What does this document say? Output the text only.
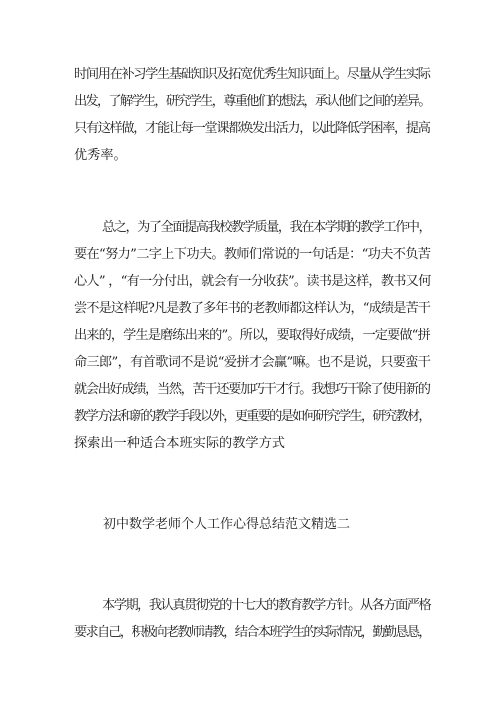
时间用在补习学生基础知识及拓宽优秀生知识面上。尽量从学生实际
出发，了解学生，研究学生，尊重他们的想法，承认他们之间的差异。
只有这样做，才能让每一堂课都焕发出活力，以此降低学困率，提高
优秀率。
总之，为了全面提高我校教学质量，我在本学期的教学工作中，
要在“努力”二字上下功夫。教师们常说的一句话是：“功夫不负苦
心人” ，“有一分付出，就会有一分收获”。读书是这样，教书又何
尝不是这样呢?凡是教了多年书的老教师都这样认为，“成绩是苦干
出来的，学生是磨练出来的”。所以，要取得好成绩，一定要做“拼
命三郎”，有首歌词不是说“爱拼才会赢”嘛。也不是说，只要蛮干
就会出好成绩，当然，苦干还要加巧干才行。我想巧干除了使用新的
教学方法和新的教学手段以外，更重要的是如何研究学生，研究教材，
探索出一种适合本班实际的教学方式
初中数学老师个人工作心得总结范文精选二
本学期，我认真贯彻党的十七大的教育教学方针。从各方面严格
要求自己，积极向老教师请教，结合本班学生的实际情况，勤勤恳恳，
